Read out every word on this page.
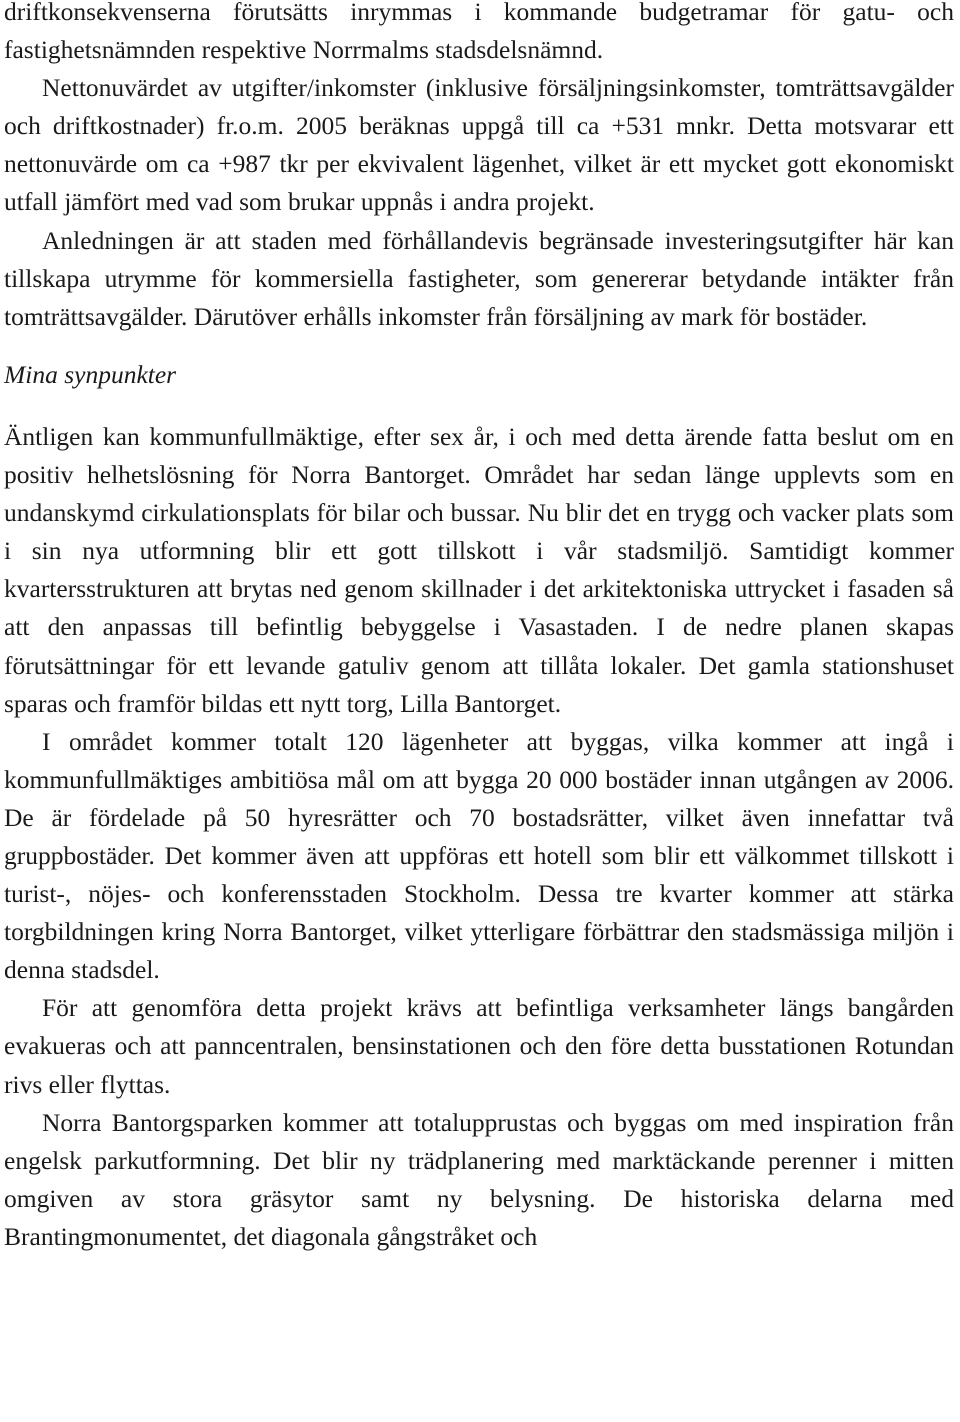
driftkonsekvenserna förutsätts inrymmas i kommande budgetramar för gatu- och fastighetsnämnden respektive Norrmalms stadsdelsnämnd.

Nettonuvärdet av utgifter/inkomster (inklusive försäljningsinkomster, tomträttsavgälder och driftkostnader) fr.o.m. 2005 beräknas uppgå till ca +531 mnkr. Detta motsvarar ett nettonuvärde om ca +987 tkr per ekvivalent lägenhet, vilket är ett mycket gott ekonomiskt utfall jämfört med vad som brukar uppnås i andra projekt.

Anledningen är att staden med förhållandevis begränsade investeringsutgifter här kan tillskapa utrymme för kommersiella fastigheter, som genererar betydande intäkter från tomträttsavgälder. Därutöver erhålls inkomster från försäljning av mark för bostäder.

Mina synpunkter

Äntligen kan kommunfullmäktige, efter sex år, i och med detta ärende fatta beslut om en positiv helhetslösning för Norra Bantorget. Området har sedan länge upplevts som en undanskymd cirkulationsplats för bilar och bussar. Nu blir det en trygg och vacker plats som i sin nya utformning blir ett gott tillskott i vår stadsmiljö. Samtidigt kommer kvartersstrukturen att brytas ned genom skillnader i det arkitektoniska uttrycket i fasaden så att den anpassas till befintlig bebyggelse i Vasastaden. I de nedre planen skapas förutsättningar för ett levande gatuliv genom att tillåta lokaler. Det gamla stationshuset sparas och framför bildas ett nytt torg, Lilla Bantorget.

I området kommer totalt 120 lägenheter att byggas, vilka kommer att ingå i kommunfullmäktiges ambitiösa mål om att bygga 20 000 bostäder innan utgången av 2006. De är fördelade på 50 hyresrätter och 70 bostadsrätter, vilket även innefattar två gruppbostäder. Det kommer även att uppföras ett hotell som blir ett välkommet tillskott i turist-, nöjes- och konferensstaden Stockholm. Dessa tre kvarter kommer att stärka torgbildningen kring Norra Bantorget, vilket ytterligare förbättrar den stadsmässiga miljön i denna stadsdel.

För att genomföra detta projekt krävs att befintliga verksamheter längs bangården evakueras och att panncentralen, bensinstationen och den före detta busstationen Rotundan rivs eller flyttas.

Norra Bantorgsparken kommer att totalupprustas och byggas om med inspiration från engelsk parkutformning. Det blir ny trädplanering med marktäckande perenner i mitten omgiven av stora gräsytor samt ny belysning. De historiska delarna med Brantingmonumentet, det diagonala gångstråket och
